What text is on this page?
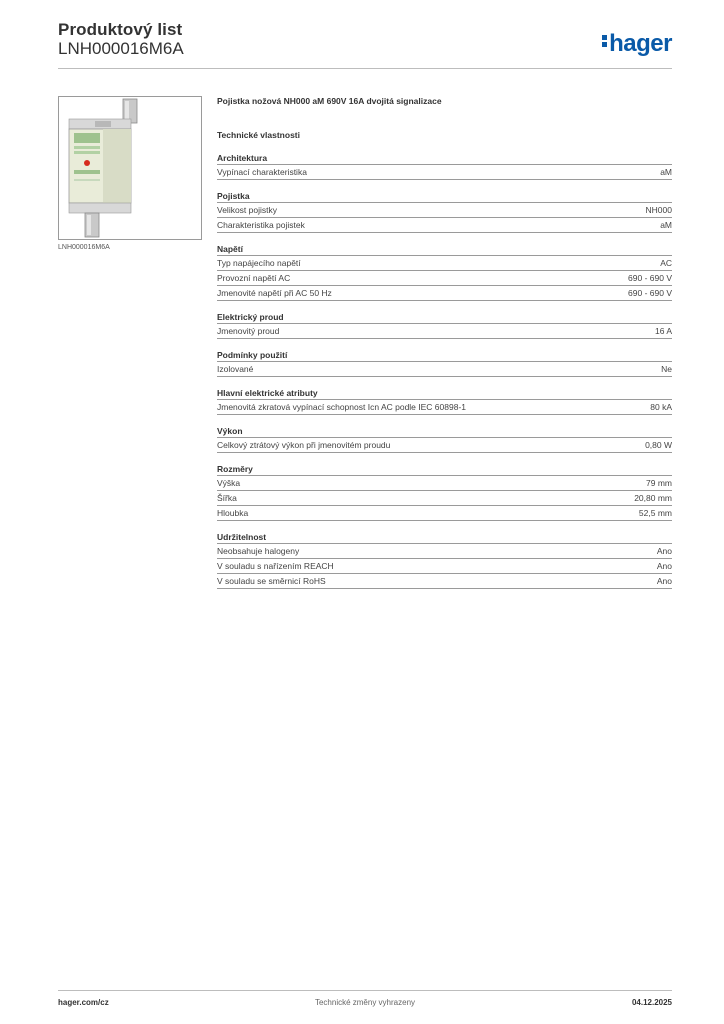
Produktový list
LNH000016M6A	hager
LNH000016M6A
Pojistka nožová NH000 aM 690V 16A dvojitá signalizace
Technické vlastnosti
Architektura
Vypínací charakteristika	aM
Pojistka
Velikost pojistky	NH000
Charakteristika pojistek	aM
Napětí
Typ napájecího napětí	AC
Provozní napětí AC	690 - 690 V
Jmenovité napětí při AC 50 Hz	690 - 690 V
Elektrický proud
Jmenovitý proud	16 A
Podmínky použití
Izolované	Ne
Hlavní elektrické atributy
Jmenovitá zkratová vypínací schopnost Icn AC podle IEC 60898-1	80 kA
Výkon
Celkový ztrátový výkon při jmenovitém proudu	0,80 W
Rozměry
Výška	79 mm
Šířka	20,80 mm
Hloubka	52,5 mm
Udržitelnost
Neobsahuje halogeny	Ano
V souladu s nařízením REACH	Ano
V souladu se směrnicí RoHS	Ano
hager.com/cz	Technické změny vyhrazeny	04.12.2025
